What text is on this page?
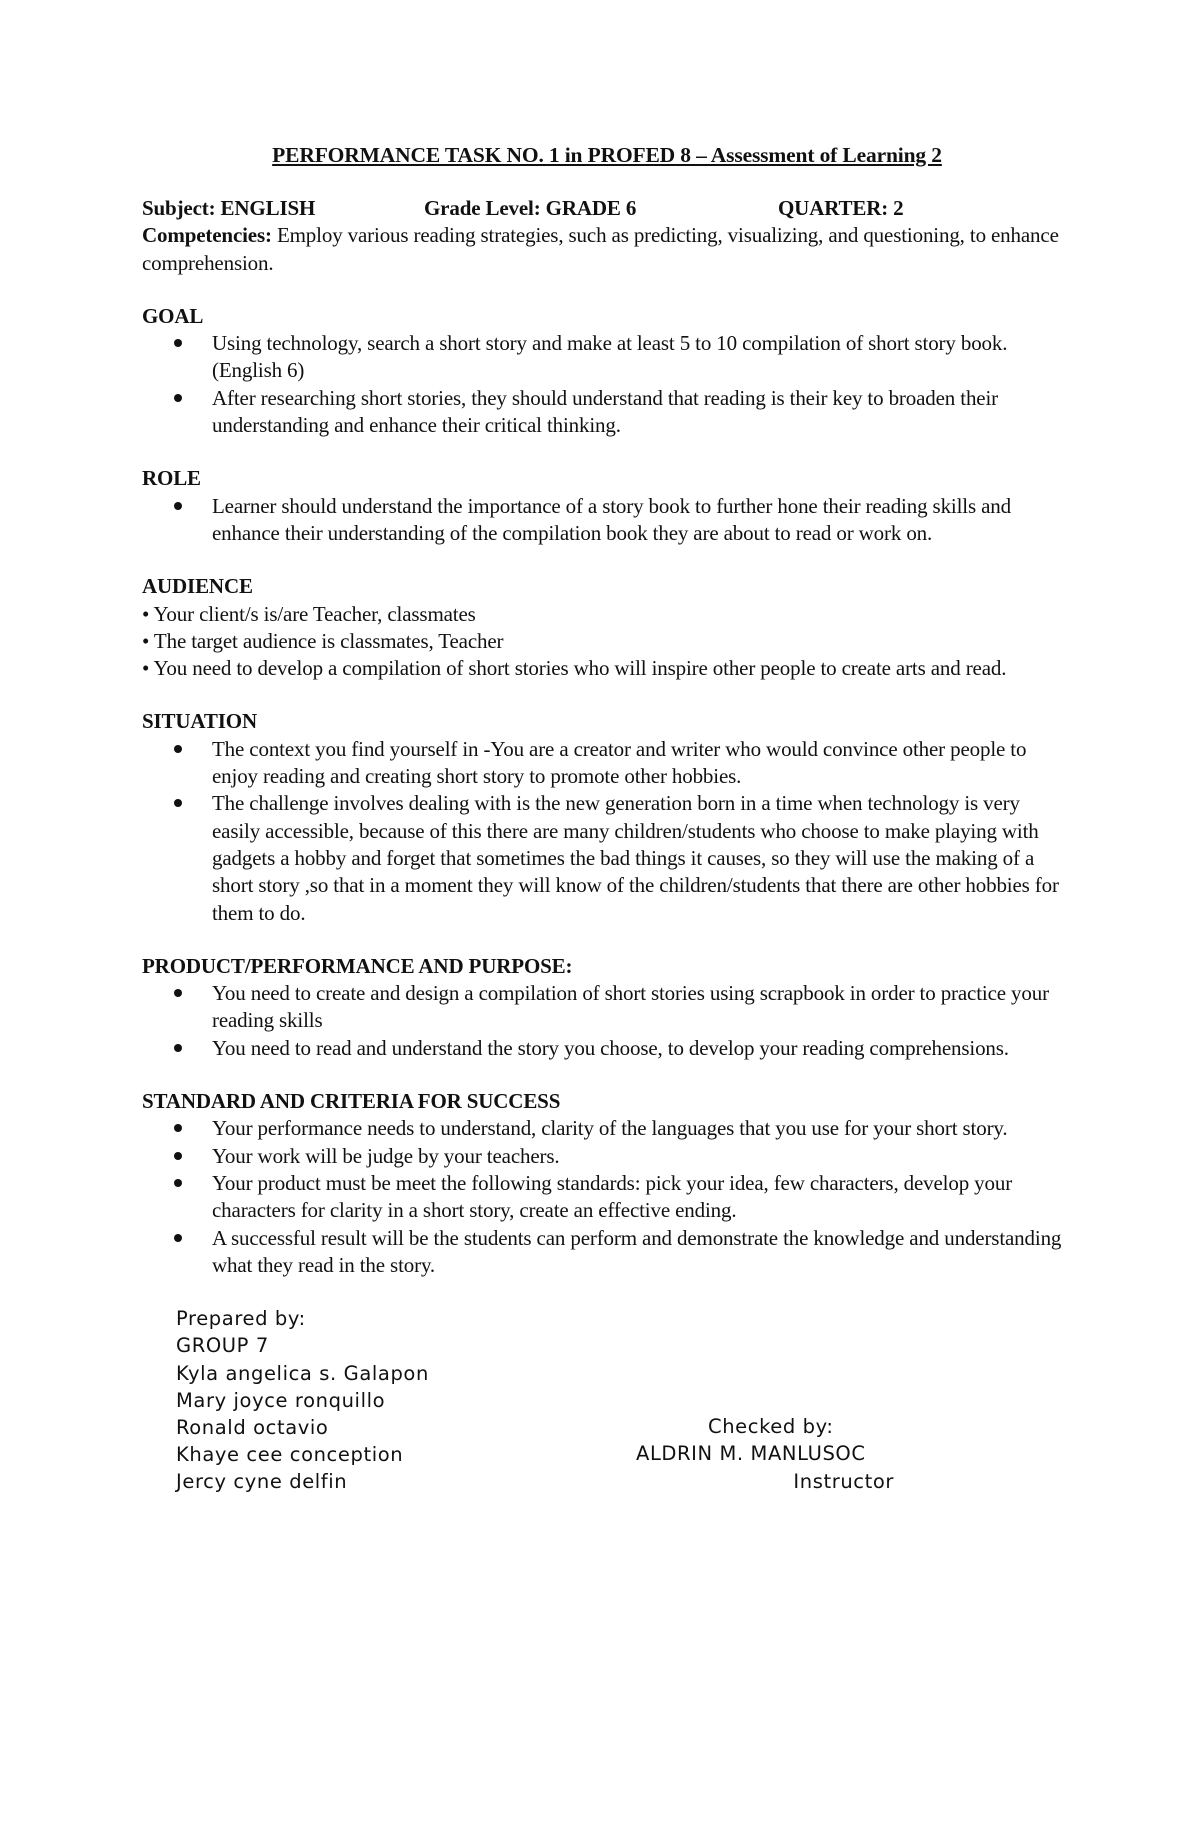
PERFORMANCE TASK NO. 1 in PROFED 8 – Assessment of Learning 2

Subject: ENGLISH	Grade Level: GRADE 6	QUARTER: 2

Competencies: Employ various reading strategies, such as predicting, visualizing, and questioning, to enhance comprehension.

GOAL

Using technology, search a short story and make at least 5 to 10 compilation of short story book. (English 6)
After researching short stories, they should understand that reading is their key to broaden their understanding and enhance their critical thinking.

ROLE

Learner should understand the importance of a story book to further hone their reading skills and enhance their understanding of the compilation book they are about to read or work on.

AUDIENCE

• Your client/s is/are Teacher, classmates

• The target audience is classmates, Teacher

• You need to develop a compilation of short stories who will inspire other people to create arts and read.

SITUATION

The context you find yourself in -You are a creator and writer who would convince other people to enjoy reading and creating short story to promote other hobbies.
The challenge involves dealing with is the new generation born in a time when technology is very easily accessible, because of this there are many children/students who choose to make playing with gadgets a hobby and forget that sometimes the bad things it causes, so they will use the making of a short story ,so that in a moment they will know of the children/students that there are other hobbies for them to do.

PRODUCT/PERFORMANCE AND PURPOSE:

You need to create and design a compilation of short stories using scrapbook in order to practice your reading skills
You need to read and understand the story you choose, to develop your reading comprehensions.

STANDARD AND CRITERIA FOR SUCCESS

Your performance needs to understand, clarity of the languages that you use for your short story.
Your work will be judge by your teachers.
Your product must be meet the following standards: pick your idea, few characters, develop your characters for clarity in a short story, create an effective ending.
A successful result will be the students can perform and demonstrate the knowledge and understanding what they read in the story.
Prepared by:
GROUP 7
Kyla angelica s. Galapon
Mary joyce ronquillo
Ronald octavio
Khaye cee conception
Jercy cyne delfin
Checked by:
ALDRIN M. MANLUSOC
Instructor
